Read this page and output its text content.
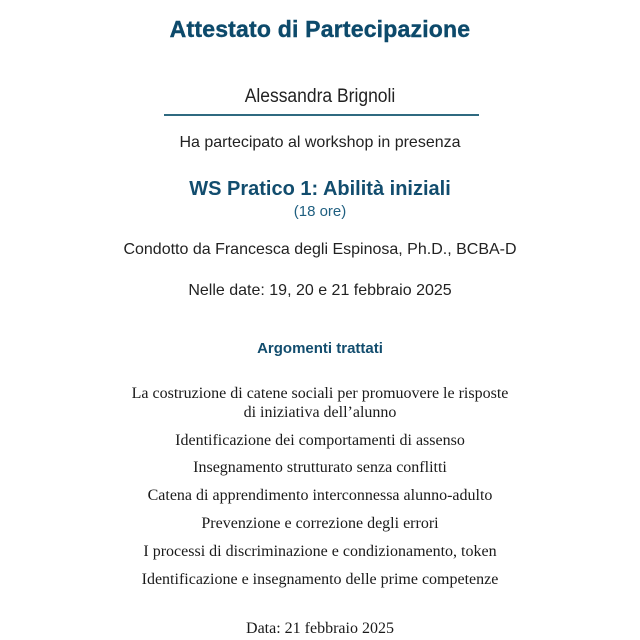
Attestato di Partecipazione
Alessandra Brignoli
Ha partecipato al workshop in presenza
WS Pratico 1: Abilità iniziali
(18 ore)
Condotto da Francesca degli Espinosa, Ph.D., BCBA-D
Nelle date: 19, 20 e 21 febbraio 2025
Argomenti trattati
La costruzione di catene sociali per promuovere le risposte
di iniziativa dell’alunno
Identificazione dei comportamenti di assenso
Insegnamento strutturato senza conflitti
Catena di apprendimento interconnessa alunno-adulto
Prevenzione e correzione degli errori
I processi di discriminazione e condizionamento, token
Identificazione e insegnamento delle prime competenze
Data: 21 febbraio 2025
